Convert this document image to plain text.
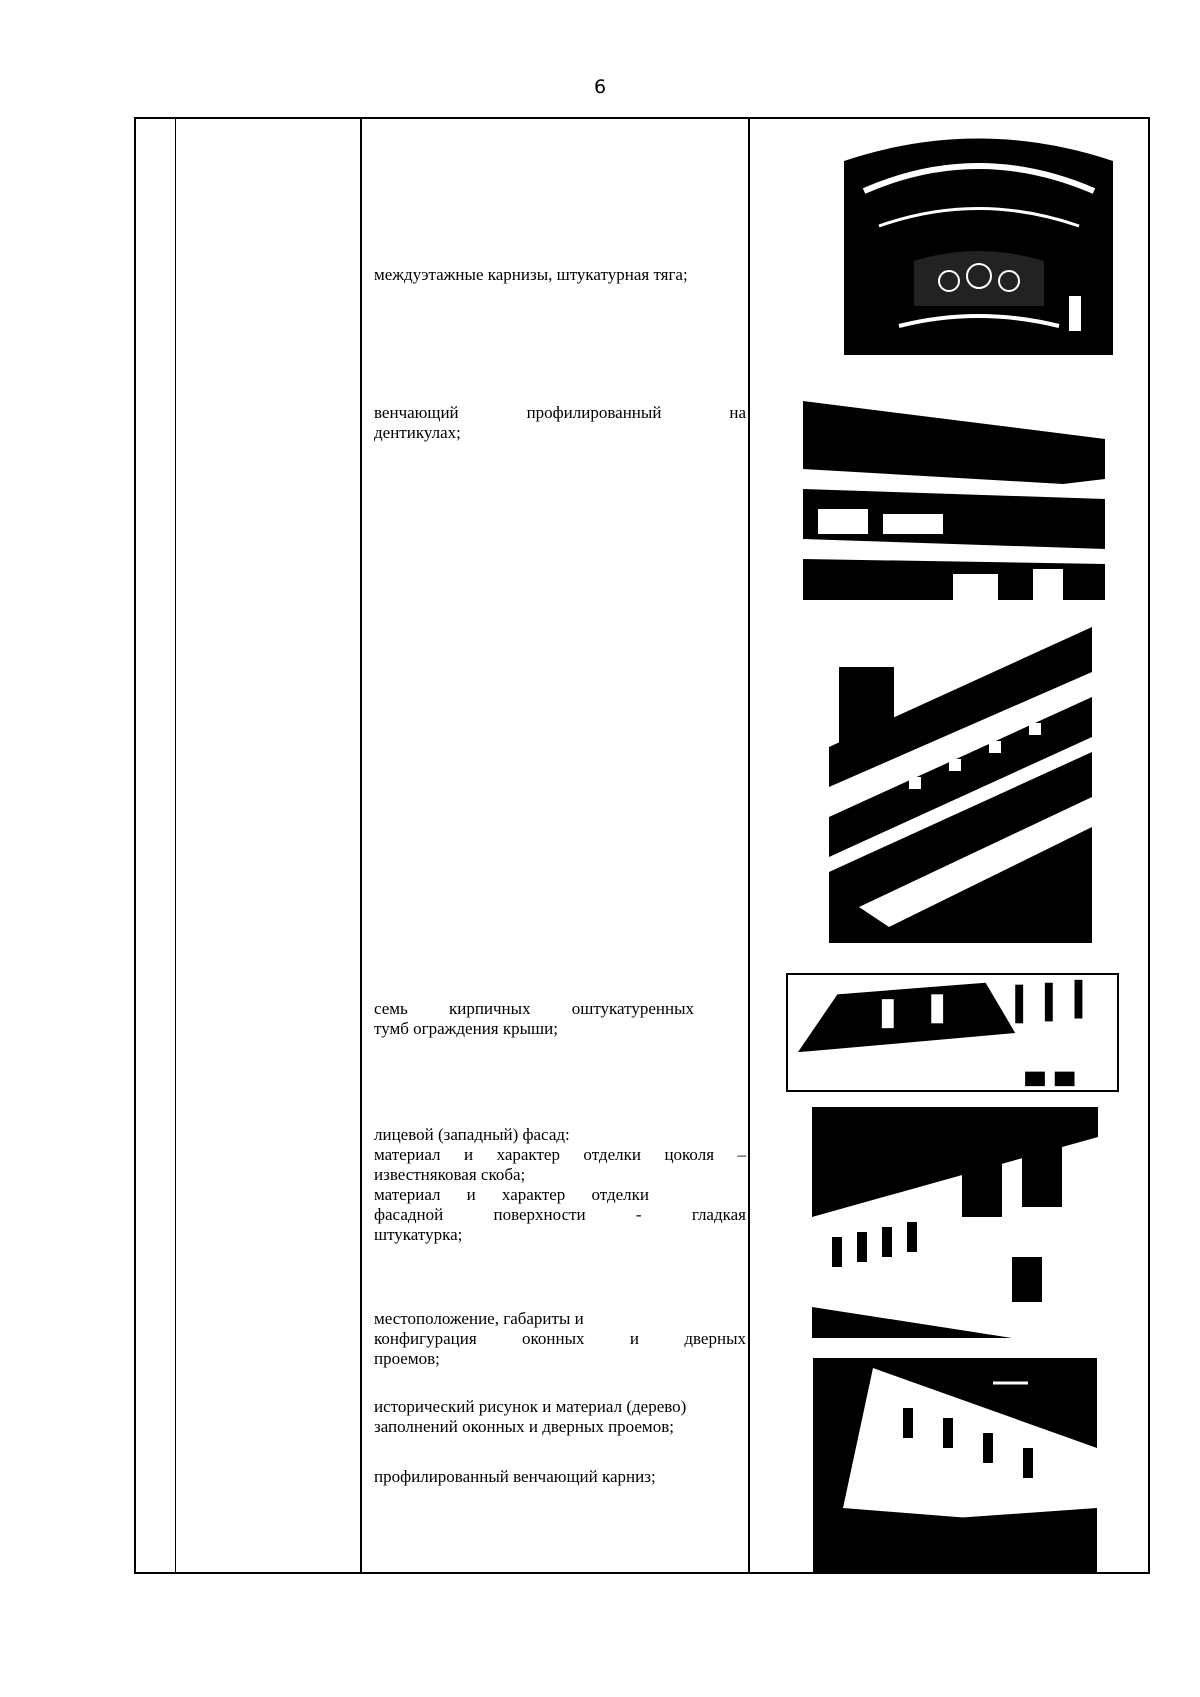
6
междуэтажные карнизы, штукатурная тяга;
венчающий профилированный на
дентикулах;
семь кирпичных оштукатуренных
тумб ограждения крыши;
лицевой (западный) фасад:
материал и характер отделки цоколя –
известняковая скоба;
материал и характер отделки
фасадной поверхности - гладкая
штукатурка;
местоположение, габариты и
конфигурация оконных и дверных
проемов;
исторический рисунок и материал (дерево)
заполнений оконных и дверных проемов;
профилированный венчающий карниз;
